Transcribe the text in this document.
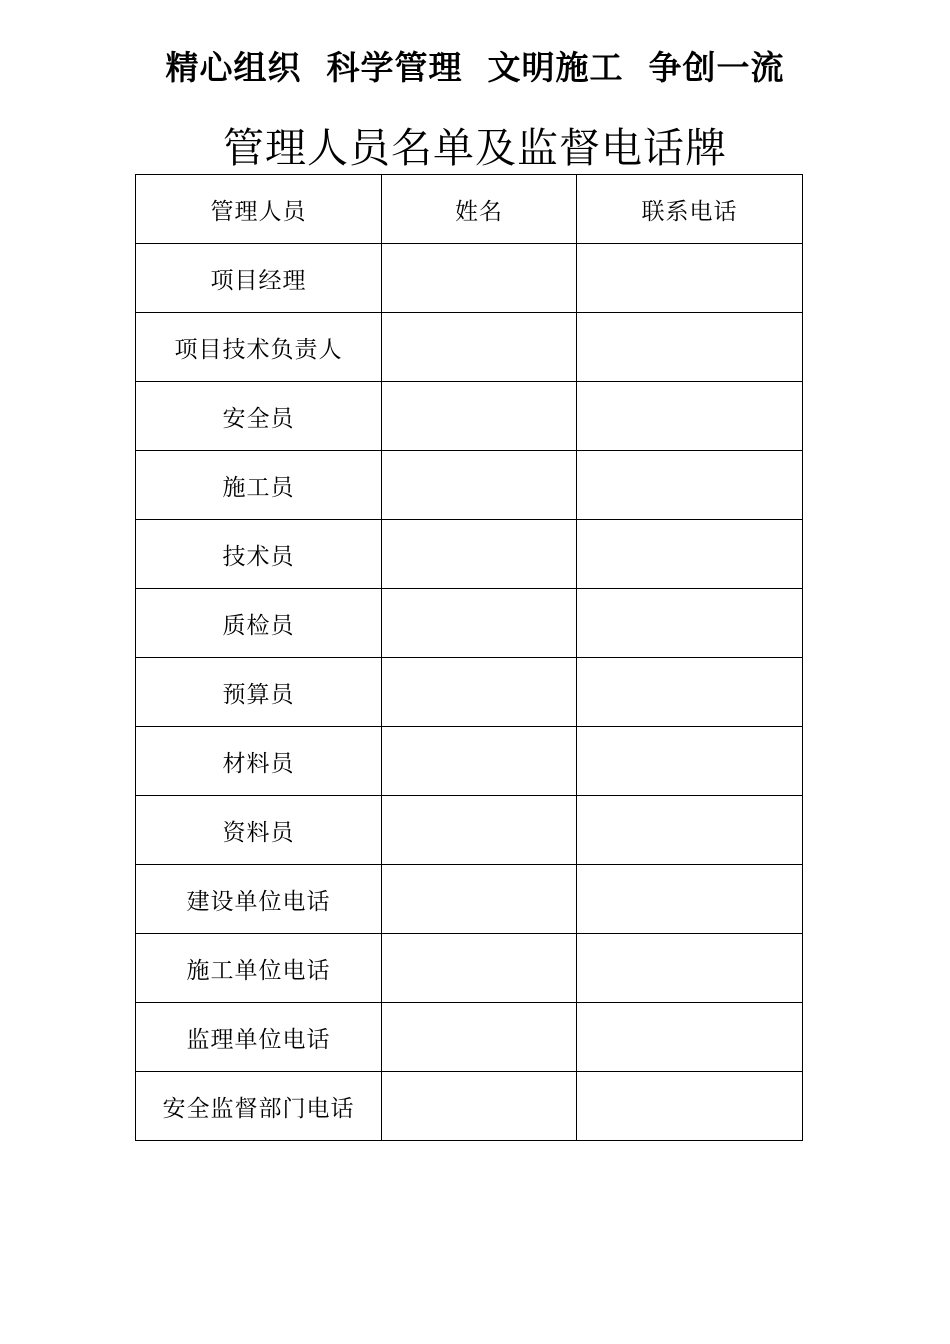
精心组织  科学管理  文明施工  争创一流
管理人员名单及监督电话牌
管理人员	姓名	联系电话
项目经理		
项目技术负责人		
安全员		
施工员		
技术员		
质检员		
预算员		
材料员		
资料员		
建设单位电话		
施工单位电话		
监理单位电话		
安全监督部门电话		
